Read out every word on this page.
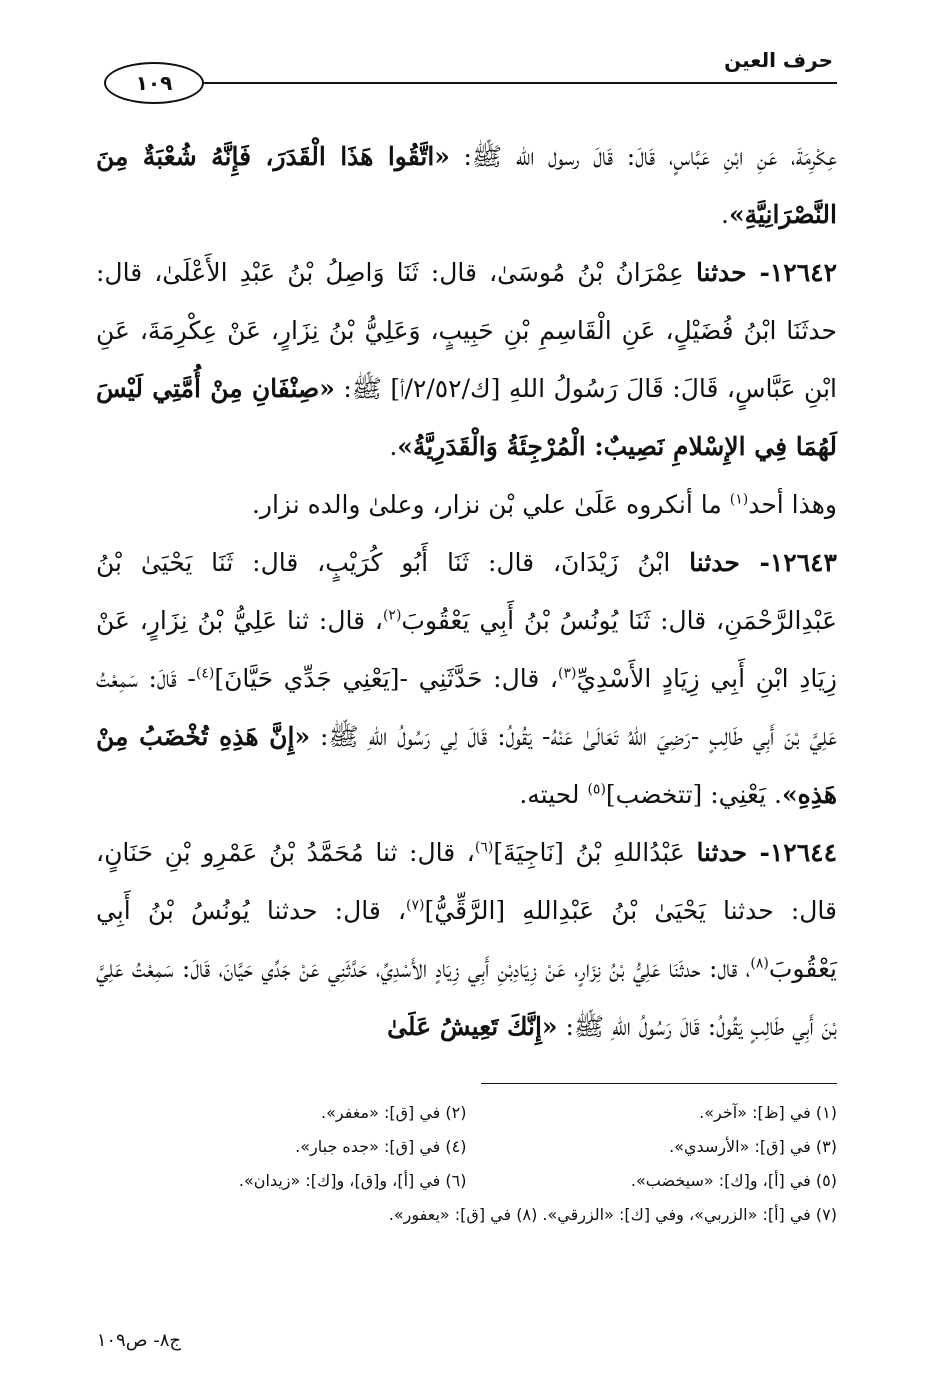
حرف العين
١٠٩

عِكْرِمَةَ، عَنِ ابْنِ عَبَّاسٍ، قَالَ: قَالَ رسول الله ﷺ: «اتَّقُوا هَذَا الْقَدَرَ، فَإِنَّهُ شُعْبَةٌ مِنَ النَّصْرَانِيَّةِ».

١٢٦٤٢- حدثنا عِمْرَانُ بْنُ مُوسَىٰ، قال: ثَنَا وَاصِلُ بْنُ عَبْدِ الأَعْلَىٰ، قال: حدثَنَا ابْنُ فُضَيْلٍ، عَنِ الْقَاسِمِ بْنِ حَبِيبٍ، وَعَلِيُّ بْنُ نِزَارٍ، عَنْ عِكْرِمَةَ، عَنِ ابْنِ عَبَّاسٍ، قَالَ: قَالَ رَسُولُ اللهِ [ك/٢/٥٢/أ] ﷺ: «صِنْفَانِ مِنْ أُمَّتِي لَيْسَ لَهُمَا فِي الإِسْلامِ نَصِيبٌ: الْمُرْجِئَةُ وَالْقَدَرِيَّةُ».

وهذا أحد$^{(١)}$ ما أنكروه عَلَىٰ علي بْن نزار، وعلىٰ والده نزار.

١٢٦٤٣- حدثنا ابْنُ زَيْدَانَ، قال: ثَنَا أَبُو كُرَيْبٍ، قال: ثَنَا يَحْيَىٰ بْنُ عَبْدِالرَّحْمَنِ، قال: ثَنَا يُونُسُ بْنُ أَبِي يَعْقُوبَ$^{(٢)}$، قال: ثنا عَلِيُّ بْنُ نِزَارٍ، عَنْ زِيَادِ ابْنِ أَبِي زِيَادٍ الأَسْدِيِّ$^{(٣)}$، قال: حَدَّثَنِي -[يَعْنِي جَدِّي حَيَّانَ]$^{(٤)}$- قَالَ: سَمِعْتُ عَلِيَّ بْنَ أَبِي طَالِبٍ -رَضِيَ اللهُ تَعَالَىٰ عَنْهُ- يَقُولُ: قَالَ لِي رَسُولُ اللهِ ﷺ: «إِنَّ هَذِهِ تُخْضَبُ مِنْ هَذِهِ». يَعْنِي: [تتخضب]$^{(٥)}$ لحيته.

١٢٦٤٤- حدثنا عَبْدُاللهِ بْنُ [نَاجِيَةَ]$^{(٦)}$، قال: ثنا مُحَمَّدُ بْنُ عَمْرِو بْنِ حَنَانٍ، قال: حدثنا يَحْيَىٰ بْنُ عَبْدِاللهِ [الرَّقِّيُّ]$^{(٧)}$، قال: حدثنا يُونُسُ بْنُ أَبِي يَعْقُوبَ$^{(٨)}$، قال: حدثَنَا عَلِيُّ بْنُ نِزَارٍ، عَنْ زِيَادِبْنِ أَبِي زِيَادٍ الأَسْدِيِّ، حَدَّثَنِي عَنْ جَدِّي حَيَّانَ، قَالَ: سَمِعْتُ عَلِيَّ بْنَ أَبِي طَالِبٍ يَقُولُ: قَالَ رَسُولُ اللهِ ﷺ: «إِنَّكَ تَعِيشُ عَلَىٰ

(١) في [ظ]: «آخر».
(٢) في [ق]: «مغفر».
(٣) في [ق]: «الأرسدي».
(٤) في [ق]: «جده جبار».
(٥) في [أ]، و[ك]: «سيخضب».
(٦) في [أ]، و[ق]، و[ك]: «زيدان».
(٧) في [أ]: «الزربي»، وفي [ك]: «الزرقي». (٨) في [ق]: «يعفور».
ج٨- ص١٠٩
